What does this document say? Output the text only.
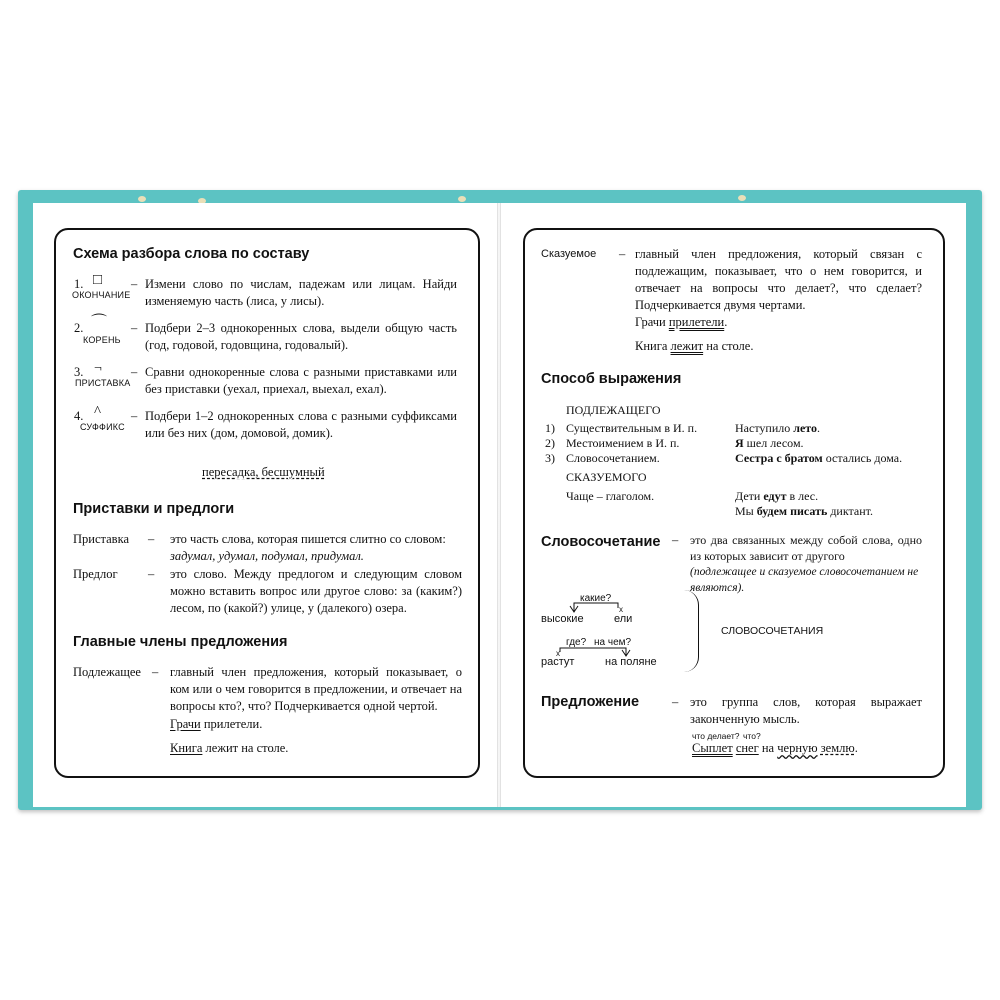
Схема разбора слова по составу
1. □
ОКОНЧАНИЕ
– Измени слово по числам, падежам или лицам. Найди изменяемую часть (лиса, у лисы).
2. ⌒
КОРЕНЬ
– Подбери 2–3 однокоренных слова, выдели общую часть (год, годовой, годовщина, годовалый).
3. ¬
ПРИСТАВКА
– Сравни однокоренные слова с разными приставками или без приставки (уехал, приехал, выехал, ехал).
4. ^
СУФФИКС
– Подбери 1–2 однокоренных слова с разными суффиксами или без них (дом, домовой, домик).
пересадка, бесшумный
Приставки и предлоги
Приставка – это часть слова, которая пишется слитно со словом:
задумал, удумал, подумал, придумал.
Предлог – это слово. Между предлогом и следующим словом можно вставить вопрос или другое слово: за (каким?) лесом, по (какой?) улице, у (далекого) озера.
Главные члены предложения
Подлежащее – главный член предложения, который показывает, о ком или о чем говорится в предложении, и отвечает на вопросы кто?, что? Подчеркивается одной чертой.
Грачи прилетели.
Книга лежит на столе.
Сказуемое – главный член предложения, который связан с подлежащим, показывает, что о нем говорится, и отвечает на вопросы что делает?, что сделает? Подчеркивается двумя чертами.
Грачи прилетели.
Книга лежит на столе.
Способ выражения
ПОДЛЕЖАЩЕГО
1) Существительным в И. п.	Наступило лето.
2) Местоимением в И. п.	Я шел лесом.
3) Словосочетанием.	Сестра с братом остались дома.
СКАЗУЕМОГО
Чаще – глаголом.	Дети едут в лес.
Мы будем писать диктант.
Словосочетание – это два связанных между собой слова, одно из которых зависит от другого
(подлежащее и сказуемое словосочетанием не являются).
какие?
x
высокие	ели
где? на чем?
x
растут	на поляне
СЛОВОСОЧЕТАНИЯ
Предложение	– это группа слов, которая выражает законченную мысль.
что делает? что?
Сыплет снег на черную землю.
